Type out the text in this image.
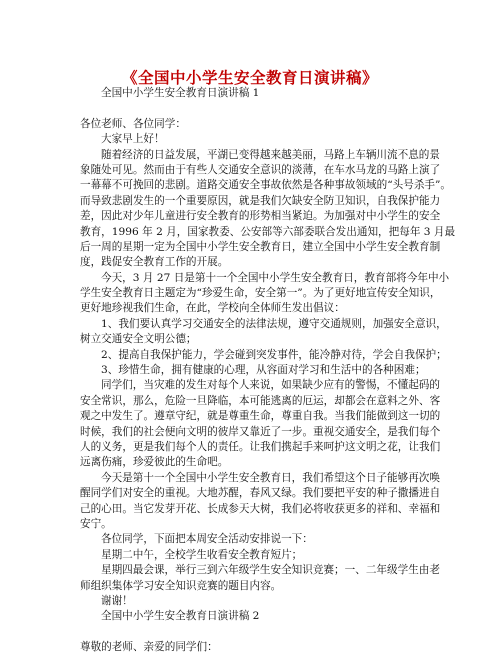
《全国中小学生安全教育日演讲稿》
全国中小学生安全教育日演讲稿 1
各位老师、各位同学：
大家早上好！
随着经济的日益发展，平湖已变得越来越美丽，马路上车辆川流不息的景
象随处可见。然而由于有些人交通安全意识的淡薄，在车水马龙的马路上演了
一幕幕不可挽回的悲剧。道路交通安全事故依然是各种事故领域的“头号杀手”。
而导致悲剧发生的一个重要原因，就是我们欠缺安全防卫知识，自我保护能力
差，因此对少年儿童进行安全教育的形势相当紧迫。为加强对中小学生的安全
教育，1996 年 2 月，国家教委、公安部等六部委联合发出通知，把每年 3 月最
后一周的星期一定为全国中小学生安全教育日，建立全国中小学生安全教育制
度，践促安全教育工作的开展。
今天，3 月 27 日是第十一个全国中小学生安全教育日，教育部将今年中小
学生安全教育日主题定为“珍爱生命，安全第一”。为了更好地宣传安全知识，
更好地珍视我们生命，在此，学校向全体师生发出倡议：
1、我们要认真学习交通安全的法律法规，遵守交通规则，加强安全意识，
树立交通安全文明公德；
2、提高自我保护能力，学会碰到突发事件，能冷静对待，学会自我保护；
3、珍惜生命，拥有健康的心理，从容面对学习和生活中的各种困难；
同学们，当灾难的发生对每个人来说，如果缺少应有的警惕，不懂起码的
安全常识，那么，危险一旦降临，本可能逃离的厄运，却都会在意料之外、客
观之中发生了。遵章守纪，就是尊重生命，尊重自我。当我们能做到这一切的
时候，我们的社会便向文明的彼岸又靠近了一步。重视交通安全，是我们每个
人的义务，更是我们每个人的责任。让我们携起手来呵护这文明之花，让我们
远离伤痛，珍爱彼此的生命吧。
今天是第十一个全国中小学生安全教育日，我们希望这个日子能够再次唤
醒同学们对安全的重视。大地苏醒，春风又绿。我们要把平安的种子撒播进自
己的心田。当它发芽开花、长成参天大树，我们必将收获更多的祥和、幸福和
安宁。
各位同学，下面把本周安全活动安排说一下：
星期二中午，全校学生收看安全教育短片；
星期四最会课，举行三到六年级学生安全知识竞赛；一、二年级学生由老
师组织集体学习安全知识竞赛的题目内容。
谢谢！
全国中小学生安全教育日演讲稿 2
尊敬的老师、亲爱的同学们：
